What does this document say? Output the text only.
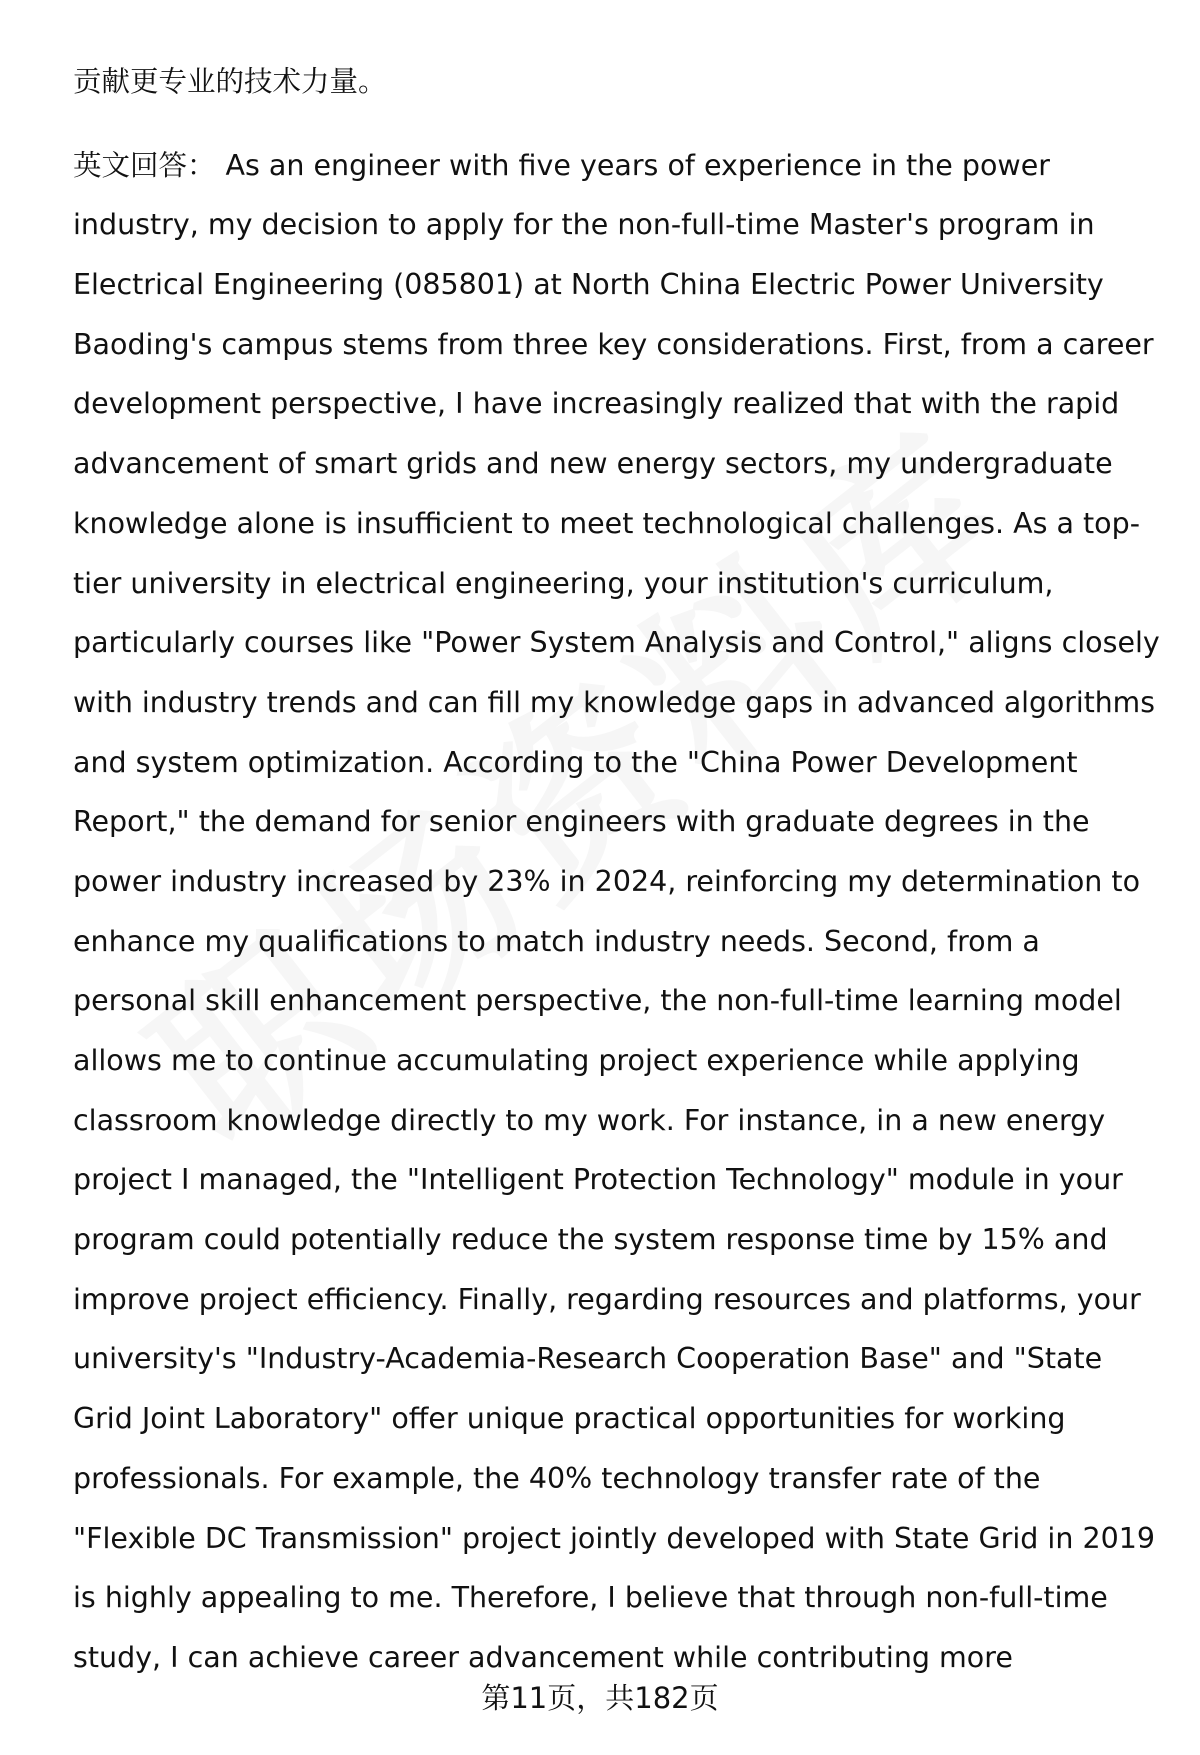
贡献更专业的技术力量。

英文回答： As an engineer with five years of experience in the power

industry, my decision to apply for the non-full-time Master's program in

Electrical Engineering (085801) at North China Electric Power University

Baoding's campus stems from three key considerations. First, from a career

development perspective, I have increasingly realized that with the rapid

advancement of smart grids and new energy sectors, my undergraduate

knowledge alone is insufficient to meet technological challenges. As a top-

tier university in electrical engineering, your institution's curriculum,

particularly courses like "Power System Analysis and Control," aligns closely

with industry trends and can fill my knowledge gaps in advanced algorithms

and system optimization. According to the "China Power Development

Report," the demand for senior engineers with graduate degrees in the

power industry increased by 23% in 2024, reinforcing my determination to

enhance my qualifications to match industry needs. Second, from a

personal skill enhancement perspective, the non-full-time learning model

allows me to continue accumulating project experience while applying

classroom knowledge directly to my work. For instance, in a new energy

project I managed, the "Intelligent Protection Technology" module in your

program could potentially reduce the system response time by 15% and

improve project efficiency. Finally, regarding resources and platforms, your

university's "Industry-Academia-Research Cooperation Base" and "State

Grid Joint Laboratory" offer unique practical opportunities for working

professionals. For example, the 40% technology transfer rate of the

"Flexible DC Transmission" project jointly developed with State Grid in 2019

is highly appealing to me. Therefore, I believe that through non-full-time

study, I can achieve career advancement while contributing more

第11页，共182页
